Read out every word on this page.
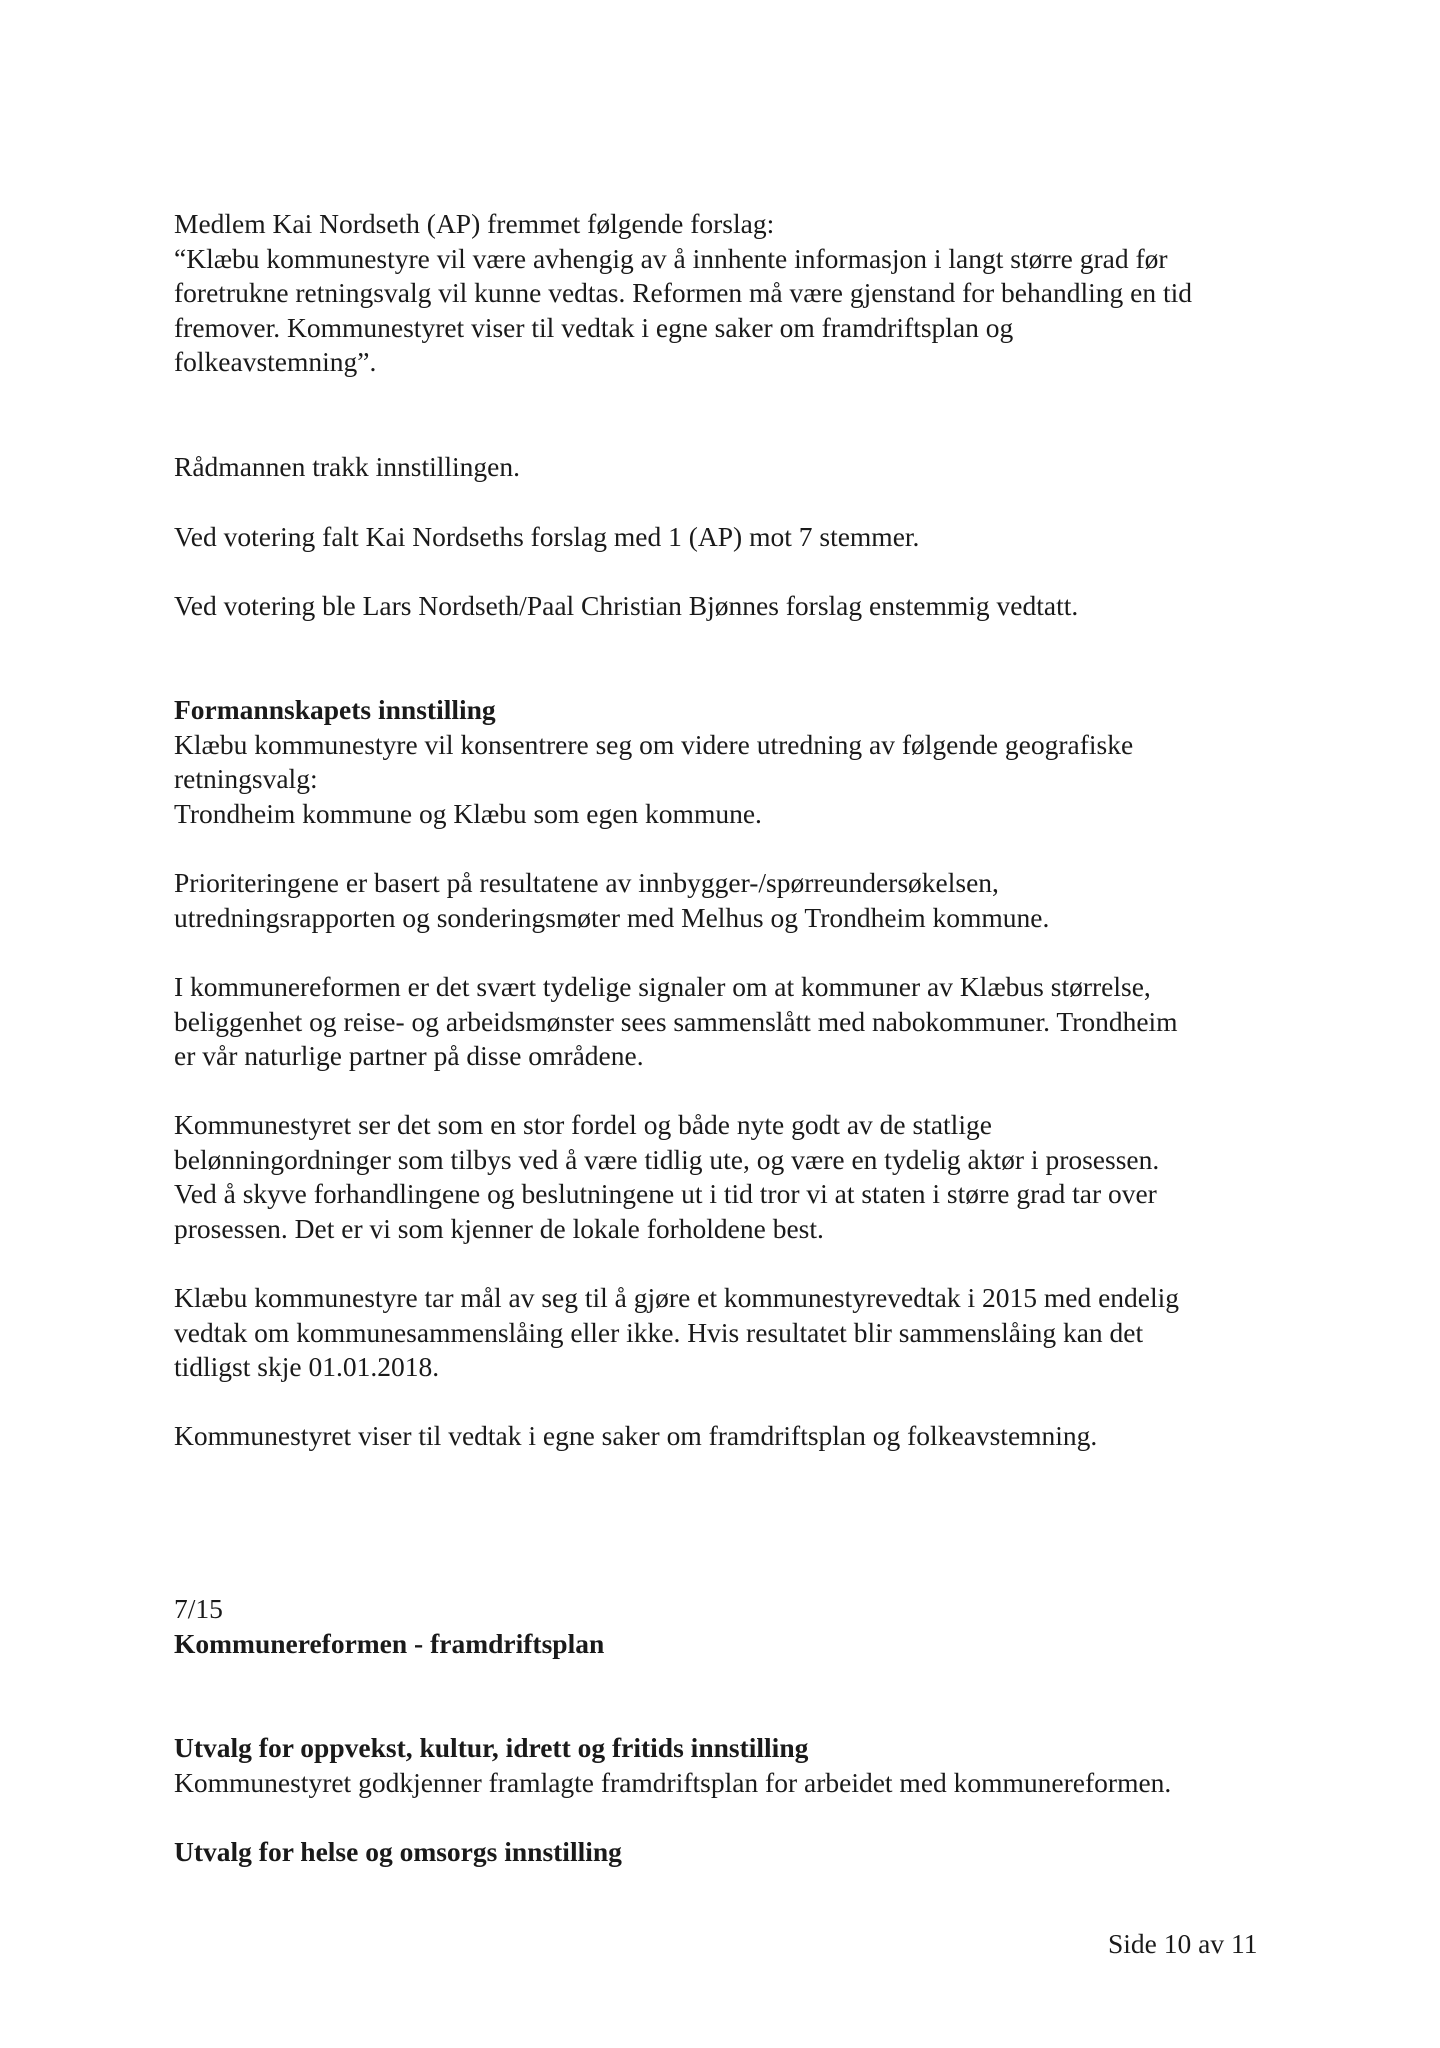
Medlem Kai Nordseth (AP) fremmet følgende forslag:

“Klæbu kommunestyre vil være avhengig av å innhente informasjon i langt større grad før

foretrukne retningsvalg vil kunne vedtas. Reformen må være gjenstand for behandling en tid

fremover. Kommunestyret viser til vedtak i egne saker om framdriftsplan og

folkeavstemning”.

Rådmannen trakk innstillingen.

Ved votering falt Kai Nordseths forslag med 1 (AP) mot 7 stemmer.

Ved votering ble Lars Nordseth/Paal Christian Bjønnes forslag enstemmig vedtatt.

Formannskapets innstilling

Klæbu kommunestyre vil konsentrere seg om videre utredning av følgende geografiske

retningsvalg:

Trondheim kommune og Klæbu som egen kommune.

Prioriteringene er basert på resultatene av innbygger-/spørreundersøkelsen,

utredningsrapporten og sonderingsmøter med Melhus og Trondheim kommune.

I kommunereformen er det svært tydelige signaler om at kommuner av Klæbus størrelse,

beliggenhet og reise- og arbeidsmønster sees sammenslått med nabokommuner. Trondheim

er vår naturlige partner på disse områdene.

Kommunestyret ser det som en stor fordel og både nyte godt av de statlige

belønningordninger som tilbys ved å være tidlig ute, og være en tydelig aktør i prosessen.

Ved å skyve forhandlingene og beslutningene ut i tid tror vi at staten i større grad tar over

prosessen. Det er vi som kjenner de lokale forholdene best.

Klæbu kommunestyre tar mål av seg til å gjøre et kommunestyrevedtak i 2015 med endelig

vedtak om kommunesammenslåing eller ikke. Hvis resultatet blir sammenslåing kan det

tidligst skje 01.01.2018.

Kommunestyret viser til vedtak i egne saker om framdriftsplan og folkeavstemning.

7/15

Kommunereformen - framdriftsplan

Utvalg for oppvekst, kultur, idrett og fritids innstilling

Kommunestyret godkjenner framlagte framdriftsplan for arbeidet med kommunereformen.

Utvalg for helse og omsorgs innstilling

Side 10 av 11
